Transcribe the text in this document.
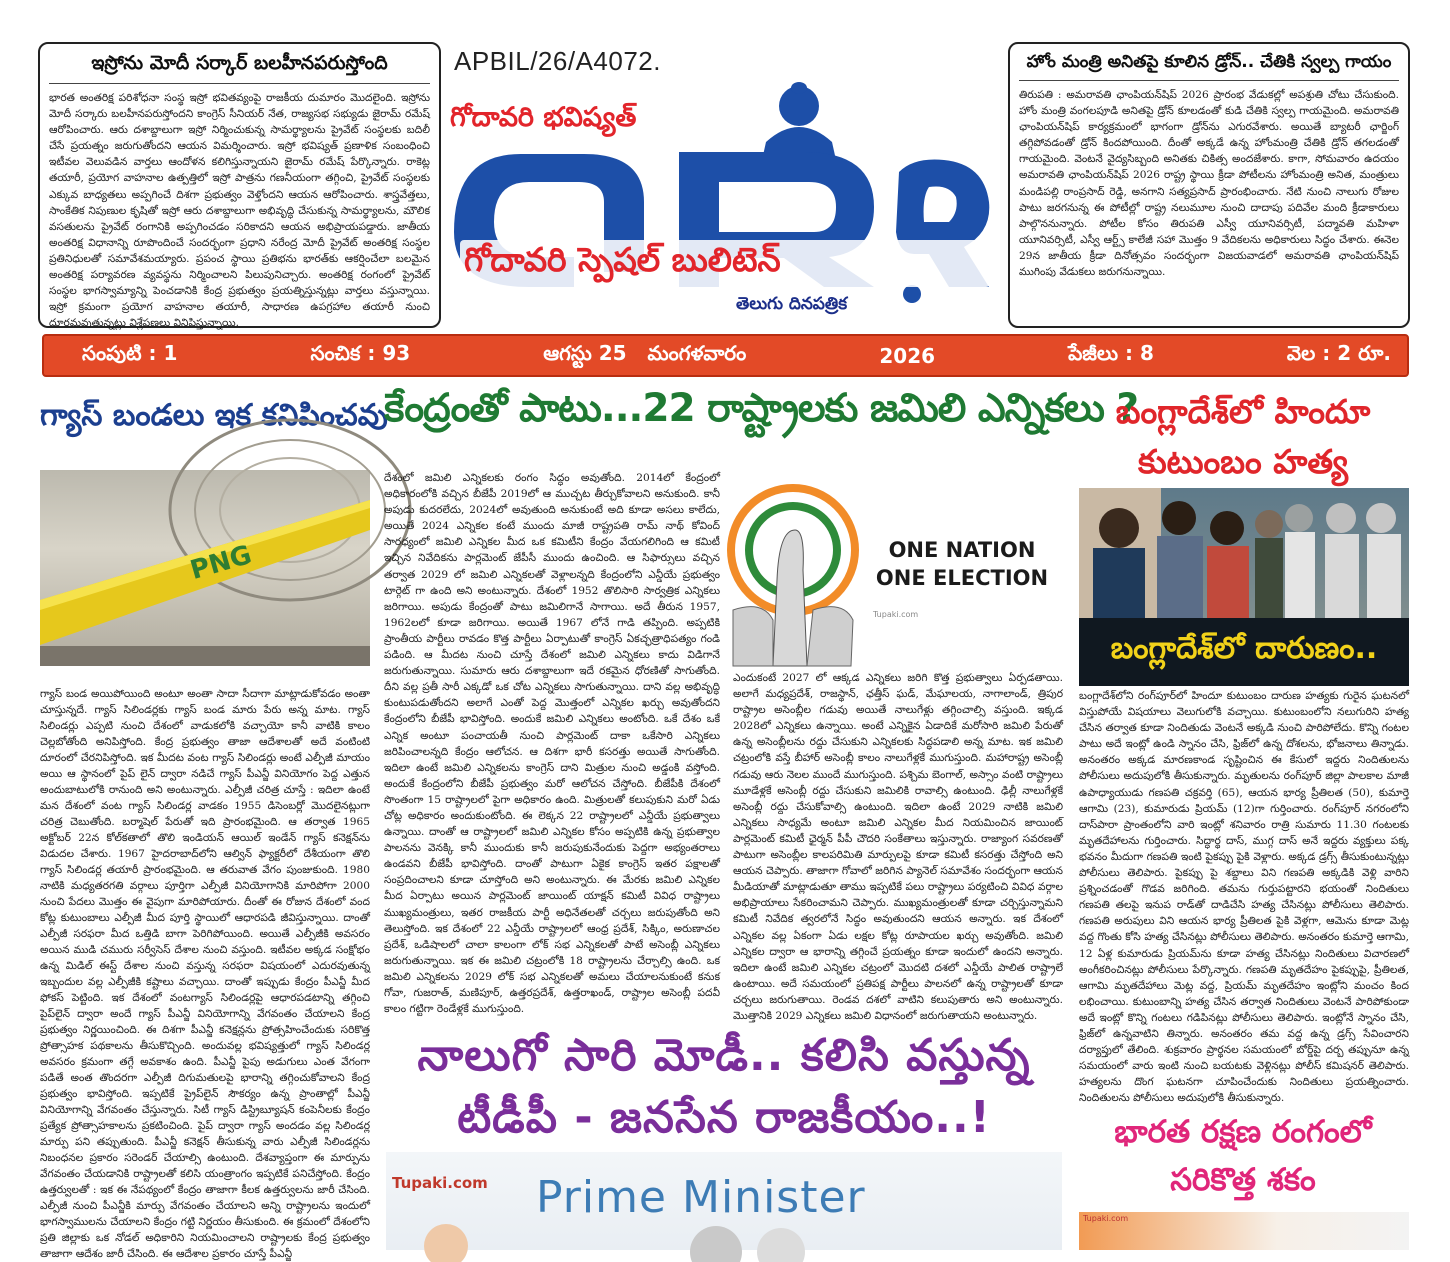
APBIL/26/A4072.
ఇస్రోను మోదీ సర్కార్ బలహీనపరుస్తోంది
భారత అంతరిక్ష పరిశోధనా సంస్థ ఇస్రో భవితవ్యంపై రాజకీయ దుమారం మొదలైంది. ఇస్రోను మోదీ సర్కారు బలహీనపరుస్తోందని కాంగ్రెస్ సీనియర్ నేత, రాజ్యసభ సభ్యుడు జైరామ్ రమేష్ ఆరోపించారు. ఆరు దశాబ్దాలుగా ఇస్రో నిర్మించుకున్న సామర్థ్యాలను ప్రైవేట్ సంస్థలకు బదిలీ చేసే ప్రయత్నం జరుగుతోందని ఆయన విమర్శించారు. ఇస్రో భవిష్యత్ ప్రణాళిక సంబంధించి ఇటీవల వెలువడిన వార్తలు ఆందోళన కలిగిస్తున్నాయని జైరామ్ రమేష్ పేర్కొన్నారు. రాకెట్ల తయారీ, ప్రయోగ వాహనాల ఉత్పత్తిలో ఇస్రో పాత్రను గణనీయంగా తగ్గించి, ప్రైవేట్ సంస్థలకు ఎక్కువ బాధ్యతలు అప్పగించే దిశగా ప్రభుత్వం వెళ్తోందని ఆయన ఆరోపించారు. శాస్త్రవేత్తలు, సాంకేతిక నిపుణుల కృషితో ఇస్రో ఆరు దశాబ్దాలుగా అభివృద్ధి చేసుకున్న సామర్థ్యాలను, మౌలిక వసతులను ప్రైవేట్ రంగానికి అప్పగించడం సరికాదని ఆయన అభిప్రాయపడ్డారు. జాతీయ అంతరిక్ష విధానాన్ని రూపొందించే సందర్భంగా ప్రధాని నరేంద్ర మోదీ ప్రైవేట్ అంతరిక్ష సంస్థల ప్రతినిధులతో సమావేశమయ్యారు. ప్రపంచ స్థాయి ప్రతిభను భారత్‌కు ఆకర్షించేలా బలమైన అంతరిక్ష పర్యావరణ వ్యవస్థను నిర్మించాలని పిలుపునిచ్చారు. అంతరిక్ష రంగంలో ప్రైవేట్ సంస్థల భాగస్వామ్యాన్ని పెంచడానికి కేంద్ర ప్రభుత్వం ప్రయత్నిస్తున్నట్లు వార్తలు వస్తున్నాయి. ఇస్రో క్రమంగా ప్రయోగ వాహనాల తయారీ, సాధారణ ఉపగ్రహాల తయారీ నుంచి దూరమవుతున్నట్లు విశ్లేషణలు వినిపిస్తున్నాయి.
హోం మంత్రి అనితపై కూలిన డ్రోన్.. చేతికి స్వల్ప గాయం
తిరుపతి : అమరావతి ఛాంపియన్‌షిప్ 2026 ప్రారంభ వేడుకల్లో అపశ్రుతి చోటు చేసుకుంది. హోం మంత్రి వంగలపూడి అనితపై డ్రోన్ కూలడంతో కుడి చేతికి స్వల్ప గాయమైంది. అమరావతి ఛాంపియన్‌షిప్ కార్యక్రమంలో భాగంగా డ్రోన్‌ను ఎగురవేశారు. అయితే బ్యాటరీ ఛార్జింగ్ తగ్గిపోవడంతో డ్రోన్ కిందపోయింది. దీంతో అక్కడే ఉన్న హోంమంత్రి చేతికి డ్రోన్ తగలడంతో గాయమైంది. వెంటనే వైద్యసిబ్బంది అనితకు చికిత్స అందజేశారు. కాగా, సోమవారం ఉదయం అమరావతి ఛాంపియన్‌షిప్ 2026 రాష్ట్ర స్థాయి క్రీడా పోటీలను హోంమంత్రి అనిత, మంత్రులు మండిపల్లి రాంప్రసాద్ రెడ్డి, అనగాని సత్యప్రసాద్ ప్రారంభించారు. నేటి నుంచి నాలుగు రోజుల పాటు జరగనున్న ఈ పోటీల్లో రాష్ట్ర నలుమూల నుంచి దాదాపు పదివేల మంది క్రీడాకారులు పాల్గొననున్నారు. పోటీల కోసం తిరుపతి ఎస్వీ యూనివర్సిటీ, పద్మావతి మహిళా యూనివర్సిటీ, ఎస్వీ ఆర్ట్స్ కాలేజీ సహా మొత్తం 9 వేదికలను అధికారులు సిద్ధం చేశారు. ఈనెల 29న జాతీయ క్రీడా దినోత్సవం సందర్భంగా విజయవాడలో అమరావతి ఛాంపియన్‌షిప్ ముగింపు వేడుకలు జరుగనున్నాయి.
గోదావరి భవిష్యత్
వా
గోదావరి స్పెషల్ బులిటెన్
తెలుగు దినపత్రిక
సంపుటి : 1	సంచిక : 93	ఆగస్టు 25 మంగళవారం	2026	పేజీలు : 8	వెల : 2 రూ.
గ్యాస్ బండలు ఇక కనిపించవు
PNG
గ్యాస్ బండ అయిపోయింది అంటూ అంతా సాదా సీదాగా మాట్లాడుకోవడం అంతా చూస్తున్నదే. గ్యాస్ సిలిండర్లకు గ్యాస్ బండ మారు పేరు అన్న మాట. గ్యాస్ సిలిండర్లు ఎప్పటి నుంచి దేశంలో వాడుకలోకి వచ్చాయో కానీ వాటికి కాలం చెల్లబోతోంది అనిపిస్తోంది. కేంద్ర ప్రభుత్వం తాజా ఆదేశాలతో అదే వంటింటి దూరంలో చేరనిపిస్తోంది. ఇక మీదట వంట గ్యాస్ సిలిండర్లు అంటే ఎల్పీజీ మాయం అయి ఆ స్థానంలో పైప్ లైన్ ద్వారా నడిచే గ్యాస్ పీఎన్జీ వినియోగం పెద్ద ఎత్తున అందుబాటులోకి రానుంది అని అంటున్నారు. ఎల్పీజీ చరిత్ర చూస్తే : ఇదిలా ఉంటే మన దేశంలో వంట గ్యాస్ సిలిండర్ల వాడకం 1955 డిసెంబర్లో మొదలైనట్లుగా చరిత్ర చెబుతోంది. బర్మాషెల్ పేరుతో ఇది ప్రారంభమైంది. ఆ తర్వాత 1965 అక్టోబర్ 22న కోల్‌కతాలో తొలి ఇండియన్ ఆయిల్ ఇండేన్ గ్యాస్ కనెక్షన్‌ను విడుదల చేశారు. 1967 హైదరాబాద్‌లోని ఆల్విన్ ఫ్యాక్టరీలో దేశీయంగా తొలి గ్యాస్ సిలిండర్ల తయారీ ప్రారంభమైంది. ఆ తరువాత వేగం పుంజుకుంది. 1980 నాటికి మధ్యతరగతి వర్గాలు పూర్తిగా ఎల్పీజీ వినియోగానికి మారిపోగా 2000 నుంచి పేదలు మొత్తం ఈ వైపుగా మారిపోయారు. దీంతో ఈ రోజున దేశంలో వంద కోట్ల కుటుంబాలు ఎల్పీజీ మీద పూర్తి స్థాయిలో ఆధారపడి జీవిస్తున్నాయి. దాంతో ఎల్పీజీ సరఫరా మీద ఒత్తిడి బాగా పెరిగిపోయింది. అయితే ఎల్పీజీకి అవసరం అయిన ముడి చమురు సర్వీసెస్ దేశాల నుంచి వస్తుంది. ఇటీవల అక్కడ సంక్షోభం ఉన్న మిడిల్ ఈస్ట్ దేశాల నుంచి వస్తున్న సరఫరా విషయంలో ఎదురవుతున్న ఇబ్బందుల వల్ల ఎల్పీజీకి కష్టాలు వచ్చాయి. దాంతో ఇప్పుడు కేంద్రం పీఎన్జీ మీద ఫోకస్ పెట్టింది. ఇక దేశంలో వంటగ్యాస్ సిలిండర్లపై ఆధారపడటాన్ని తగ్గించి పైప్‌లైన్ ద్వారా అందే గ్యాస్ పీఎన్జీ వినియోగాన్ని వేగవంతం చేయాలని కేంద్ర ప్రభుత్వం నిర్ణయించింది. ఈ దిశగా పీఎన్జీ కనెక్షన్లను ప్రోత్సహించేందుకు సరికొత్త ప్రోత్సాహక పథకాలను తీసుకొచ్చింది. అందువల్ల భవిష్యత్తులో గ్యాస్ సిలిండర్ల అవసరం క్రమంగా తగ్గే అవకాశం ఉంది. పీఎన్జీ పైపు అడుగులు ఎంత వేగంగా పడితే అంత తొందరగా ఎల్పీజీ దిగుమతులపై భారాన్ని తగ్గించుకోవాలని కేంద్ర ప్రభుత్వం భావిస్తోంది. ఇప్పటికే ప్రైప్‌లైన్ సౌకర్యం ఉన్న ప్రాంతాల్లో పీఎన్జీ వినియోగాన్ని వేగవంతం చేస్తున్నారు. సిటీ గ్యాస్ డిస్ట్రిబ్యూషన్ కంపెనీలకు కేంద్రం ప్రత్యేక ప్రోత్సాహకాలను ప్రకటించింది. పైప్ ద్వారా గ్యాస్ అందడం వల్ల సిలిండర్ల మార్పు పని తప్పుతుంది. పీఎన్జీ కనెక్షన్ తీసుకున్న వారు ఎల్పీజీ సిలిండర్లను నిబంధనల ప్రకారం సరెండర్ చేయాల్సి ఉంటుంది. దేశవ్యాప్తంగా ఈ మార్పును వేగవంతం చేయడానికి రాష్ట్రాలతో కలిసి యంత్రాంగం ఇప్పటికే పనిచేస్తోంది. కేంద్రం ఉత్తర్వులతో : ఇక ఈ నేపథ్యంలో కేంద్రం తాజాగా కీలక ఉత్తర్వులను జారీ చేసింది. ఎల్పీజీ నుంచి పీఎన్జీకి మార్పు వేగవంతం చేయాలని అన్ని రాష్ట్రాలను ఇందులో భాగస్వాములను చేయాలని కేంద్రం గట్టి నిర్ణయం తీసుకుంది. ఈ క్రమంలో దేశంలోని ప్రతి జిల్లాకు ఒక నోడల్ అధికారిని నియమించాలని రాష్ట్రాలకు కేంద్ర ప్రభుత్వం తాజాగా ఆదేశం జారీ చేసింది. ఈ ఆదేశాల ప్రకారం చూస్తే పీఎన్జీ
కేంద్రంతో పాటు...22 రాష్ట్రాలకు జమిలి ఎన్నికలు ?
దేశంలో జమిలి ఎన్నికలకు రంగం సిద్ధం అవుతోంది. 2014లో కేంద్రంలో అధికారంలోకి వచ్చిన బీజేపీ 2019లో ఆ ముచ్చట తీర్చుకోవాలని అనుకుంది. కానీ అపుడు కుదరలేదు, 2024లో అవుతుంది అనుకుంటే అది కూడా అసలు కాలేదు, అయితే 2024 ఎన్నికల కంటే ముందు మాజీ రాష్ట్రపతి రామ్ నాథ్ కోవింద్ సారధ్యంలో జమిలి ఎన్నికల మీద ఒక కమిటీని కేంద్రం వేయగలిగింది ఆ కమిటీ ఇచ్చిన నివేదికను పార్లమెంట్ జేపీసీ ముందు ఉంచింది. ఆ సిఫార్సులు వచ్చిన తర్వాత 2029 లో జమిలి ఎన్నికలతో వెళ్లాలన్నది కేంద్రంలోని ఎన్డీయే ప్రభుత్వం టార్గెట్ గా ఉంది అని అంటున్నారు. దేశంలో 1952 తొలిసారి సార్వత్రిక ఎన్నికలు జరిగాయి. అపుడు కేంద్రంతో పాటు జమిలిగానే సాగాయి. అదే తీరున 1957, 1962లలో కూడా జరిగాయి. అయితే 1967 లోనే గాడి తప్పింది. అప్పటికి ప్రాంతీయ పార్టీలు రావడం కొత్త పార్టీలు ఏర్పాటుతో కాంగ్రెస్ ఏకచ్ఛత్రాధిపత్యం గండి పడింది. ఆ మీదట నుంచి చూస్తే దేశంలో జమిలి ఎన్నికలు కాదు విడిగానే జరుగుతున్నాయి. సుమారు ఆరు దశాబ్దాలుగా ఇదే రకమైన ధోరణితో సాగుతోంది. దీని వల్ల ప్రతీ సారీ ఎక్కడో ఒక చోట ఎన్నికలు సాగుతున్నాయి. దాని వల్ల అభివృద్ధి కుంటుపడుతోందని అలాగే ఎంతో పెద్ద మొత్తంలో ఎన్నికల ఖర్చు అవుతోందని కేంద్రంలోని బీజేపీ భావిస్తోంది. అందుకే జమిలి ఎన్నికలు అంటోంది. ఒకే దేశం ఒకే ఎన్నిక అంటూ పంచాయతీ నుంచి పార్లమెంట్ దాకా ఒకేసారి ఎన్నికలు జరిపించాలన్నది కేంద్రం ఆలోచన. ఆ దిశగా భారీ కసరత్తు అయితే సాగుతోంది. ఇదిలా ఉంటే జమిలి ఎన్నికలను కాంగ్రెస్ దాని మిత్రుల నుంచి అడ్డంకి వస్తోంది. అందుకే కేంద్రంలోని బీజేపీ ప్రభుత్వం మరో ఆలోచన చేస్తోంది. బీజేపీకి దేశంలో సొంతంగా 15 రాష్ట్రాలలో పైగా అధికారం ఉంది. మిత్రులతో కలుపుకుని మరో ఏడు చోట్ల అధికారం అందుకుంటోంది. ఈ లెక్కన 22 రాష్ట్రాలలో ఎన్డీయే ప్రభుత్వాలు ఉన్నాయి. దాంతో ఆ రాష్ట్రాలలో జమిలి ఎన్నికల కోసం అప్పటికి ఉన్న ప్రభుత్వాల పాలనను వెనక్కి కానీ ముందుకు కానీ జరుపుకునేందుకు పెద్దగా అభ్యంతరాలు ఉండవని బీజేపీ భావిస్తోంది. దాంతో పాటుగా ఏకైక కాంగ్రెస్ ఇతర పక్షాలతో సంప్రదించాలని కూడా చూస్తోంది అని అంటున్నారు. ఈ మేరకు జమిలి ఎన్నికల మీద ఏర్పాటు అయిన పార్లమెంట్ జాయింట్ యాక్షన్ కమిటీ వివిధ రాష్ట్రాలు ముఖ్యమంత్రులు, ఇతర రాజకీయ పార్టీ అధినేతలతో చర్చలు జరుపుతోంది అని తెలుస్తోంది. ఇక దేశంలో 22 ఎన్డీయే రాష్ట్రాలలో ఆంధ్ర ప్రదేశ్, సిక్కిం, అరుణాచల ప్రదేశ్, ఒడిషాలలో చాలా కాలంగా లోక్ సభ ఎన్నికలతో పాటే అసెంబ్లీ ఎన్నికలు జరుగుతున్నాయి. ఇక ఈ జమిలి చట్రంలోకి 18 రాష్ట్రాలను చేర్చాల్సి ఉంది. ఒక జమిలి ఎన్నికలను 2029 లోక్ సభ ఎన్నికలతో అమలు చేయాలనుకుంటే కనుక గోవా, గుజరాత్, మణిపూర్, ఉత్తరప్రదేశ్, ఉత్తరాఖండ్, రాష్ట్రాల అసెంబ్లీ పదవీ కాలం గట్టిగా రెండేళ్లకే ముగుస్తుంది.
ONE NATION
ONE ELECTION
Tupaki.com
ఎందుకంటే 2027 లో ఆక్కడ ఎన్నికలు జరిగి కొత్త ప్రభుత్వాలు ఏర్పడతాయి. అలాగే మధ్యప్రదేశ్, రాజస్థాన్, ఛత్తీస్ ఘడ్, మేఘాలయ, నాగాలాండ్, త్రిపుర రాష్ట్రాల అసెంబ్లీల గడువు అయితే నాలుగేళ్లు తగ్గించాల్సి వస్తుంది. ఇక్కడ 2028లో ఎన్నికలు ఉన్నాయి. అంటే ఎన్నికైన ఏడాదికే మరోసారి జమిలి పేరుతో ఉన్న అసెంబ్లీలను రద్దు చేసుకుని ఎన్నికలకు సిద్ధపడాలి అన్న మాట. ఇక జమిలి చట్రంలోకి వస్తే బీహార్ అసెంబ్లీ కాలం నాలుగేళ్లకే ముగుస్తుంది. మహారాష్ట్ర అసెంబ్లీ గడువు ఆరు నెలల ముందే ముగుస్తుంది. పశ్చిమ బెంగాల్, అస్సాం వంటి రాష్ట్రాలు మూడేళ్లకే అసెంబ్లీ రద్దు చేసుకుని జమిలికి రావాల్సి ఉంటుంది. ఢిల్లీ నాలుగేళ్లకే అసెంబ్లీ రద్దు చేసుకోవాల్సి ఉంటుంది. ఇదిలా ఉంటే 2029 నాటికి జమిలి ఎన్నికలు సాధ్యమే అంటూ జమిలి ఎన్నికల మీద నియమించిన జాయింట్ పార్లమెంట్ కమిటీ ఛైర్మన్ పీపీ చౌదరి సంకేతాలు ఇస్తున్నారు. రాజ్యాంగ సవరణతో పాటుగా అసెంబ్లీల కాలపరిమితి మార్పులపై కూడా కమిటీ కసరత్తు చేస్తోంది అని ఆయన చెప్పారు. తాజాగా గోవాలో జరిగిన ప్యానెల్ సమావేశం సందర్భంగా ఆయన మీడియాతో మాట్లాడుతూ తాము ఇప్పటికే పలు రాష్ట్రాలు పర్యటించి వివిధ వర్గాల అభిప్రాయాలు సేకరించామని చెప్పారు. ముఖ్యమంత్రులతో కూడా చర్చిస్తున్నామని కమిటీ నివేదిక త్వరలోనే సిద్ధం అవుతుందని ఆయన అన్నారు. ఇక దేశంలో ఎన్నికల వల్ల ఏకంగా ఏడు లక్షల కోట్ల రూపాయల ఖర్చు అవుతోంది. జమిలి ఎన్నికల ద్వారా ఆ భారాన్ని తగ్గించే ప్రయత్నం కూడా ఇందులో ఉందని అన్నారు. ఇదిలా ఉంటే జమిలి ఎన్నికల చట్రంలో మొదటి దశలో ఎన్డీయే పాలిత రాష్ట్రాలే ఉంటాయి. అదే సమయంలో ప్రతిపక్ష పార్టీలు పాలనలో ఉన్న రాష్ట్రాలతో కూడా చర్చలు జరుగుతాయి. రెండవ దశలో వాటిని కలుపుతారు అని అంటున్నారు. మొత్తానికి 2029 ఎన్నికలు జమిలి విధానంలో జరుగుతాయని అంటున్నారు.
నాలుగో సారి మోడీ.. కలిసి వస్తున్న
టీడీపీ - జనసేన రాజకీయం..!
Tupaki.com Prime Minister
బంగ్లాదేశ్‌లో హిందూ
కుటుంబం హత్య
బంగ్లాదేశ్‌లో దారుణం..
బంగ్లాదేశ్‌లోని రంగ్‌పూర్‌లో హిందూ కుటుంబం దారుణ హత్యకు గురైన ఘటనలో విస్తుపోయే విషయాలు వెలుగులోకి వచ్చాయి. కుటుంబంలోని నలుగురిని హత్య చేసిన తర్వాత కూడా నిందితుడు వెంటనే అక్కడి నుంచి పారిపోలేదు. కొన్ని గంటల పాటు అదే ఇంట్లో ఉండి స్నానం చేసి, ఫ్రిజ్‌లో ఉన్న దోశలను, భోజనాలు తిన్నాడు. అనంతరం అక్కడ మారణకాండ సృష్టించిన ఈ కేసులో ఇద్దరు నిందితులను పోలీసులు అదుపులోకి తీసుకున్నారు. మృతులను రంగ్‌పూర్ జిల్లా పాలకాల మాజీ ఉపాధ్యాయుడు గణపతి చక్రవర్తి (65), ఆయన భార్య ప్రీతిలత (50), కుమార్తె ఆగామి (23), కుమారుడు ప్రియమ్ (12)గా గుర్తించారు. రంగ్‌పూర్ నగరంలోని దాస్‌పారా ప్రాంతంలోని వారి ఇంట్లో శనివారం రాత్రి సుమారు 11.30 గంటలకు మృతదేహాలను గుర్తించారు. సిద్ధార్థ దాస్, ముగ్గ దాస్ అనే ఇద్దరు వ్యక్తులు పక్క భవనం మీదుగా గణపతి ఇంటి పైకప్పు పైకి వెళ్లారు. అక్కడ డ్రగ్స్ తీసుకుంటున్నట్లు పోలీసులు తెలిపారు. పైకప్పు పై శబ్దాలు విని గణపతి అక్కడికి వెళ్లి వారిని ప్రశ్నించడంతో గొడవ జరిగింది. తమను గుర్తుపట్టారని భయంతో నిందితులు గణపతి తలపై ఇనుప రాడ్‌తో దాడిచేసి హత్య చేసినట్లు పోలీసులు తెలిపారు. గణపతి అరుపులు విని ఆయన భార్య ప్రీతిలత పైకి వెళ్లగా, ఆమెను కూడా మెట్ల వద్ద గొంతు కోసి హత్య చేసినట్లు పోలీసులు తెలిపారు. అనంతరం కుమార్తె ఆగామి, 12 ఏళ్ల కుమారుడు ప్రియమ్‌ను కూడా హత్య చేసినట్లు నిందితులు విచారణలో అంగీకరించినట్లు పోలీసులు పేర్కొన్నారు. గణపతి మృతదేహం పైకప్పుపై, ప్రీతిలత, ఆగామి మృతదేహాలు మెట్ల వద్ద, ప్రియమ్ మృతదేహం ఇంట్లోని మంచం కింద లభించాయి. కుటుంబాన్ని హత్య చేసిన తర్వాత నిందితులు వెంటనే పారిపోకుండా అదే ఇంట్లో కొన్ని గంటలు గడిపినట్లు పోలీసులు తెలిపారు. ఇంట్లోనే స్నానం చేసి, ఫ్రిజ్‌లో ఉన్నవాటిని తిన్నారు. అనంతరం తమ వద్ద ఉన్న డ్రగ్స్ సేవించారని దర్యాప్తులో తేలింది. శుక్రవారం ప్రార్థనల సమయంలో బోర్డ్‌పై దర్బ తప్పునూ ఉన్న సమయంలో వారు ఇంటి నుంచి బయటకు వెళ్లినట్లు పోలీస్ కమిషనర్ తెలిపారు. హత్యలను దొంగ ఘటనగా చూపించేందుకు నిందితులు ప్రయత్నించారు. నిందితులను పోలీసులు అదుపులోకి తీసుకున్నారు.
భారత రక్షణ రంగంలో
సరికొత్త శకం
Tupaki.com
